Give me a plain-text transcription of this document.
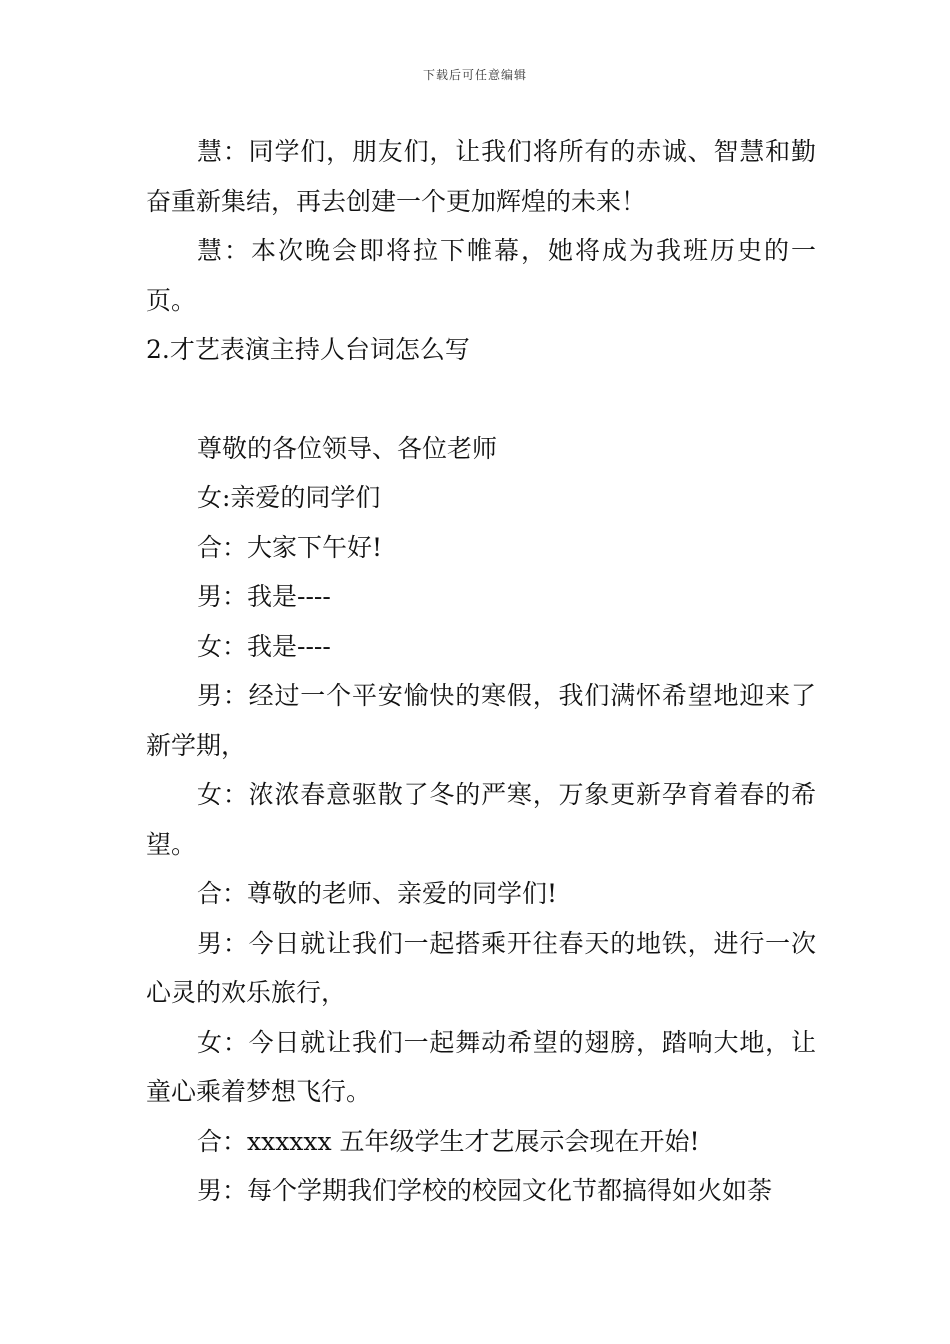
下载后可任意编辑

慧：同学们，朋友们，让我们将所有的赤诚、智慧和勤奋重新集结，再去创建一个更加辉煌的未来！

慧：本次晚会即将拉下帷幕，她将成为我班历史的一页。

2.才艺表演主持人台词怎么写

尊敬的各位领导、各位老师

女:亲爱的同学们

合：大家下午好!

男：我是----

女：我是----

男：经过一个平安愉快的寒假，我们满怀希望地迎来了新学期，

女：浓浓春意驱散了冬的严寒，万象更新孕育着春的希望。

合：尊敬的老师、亲爱的同学们!

男：今日就让我们一起搭乘开往春天的地铁，进行一次心灵的欢乐旅行，

女：今日就让我们一起舞动希望的翅膀，踏响大地，让童心乘着梦想飞行。

合：xxxxxx 五年级学生才艺展示会现在开始!

男：每个学期我们学校的校园文化节都搞得如火如荼
